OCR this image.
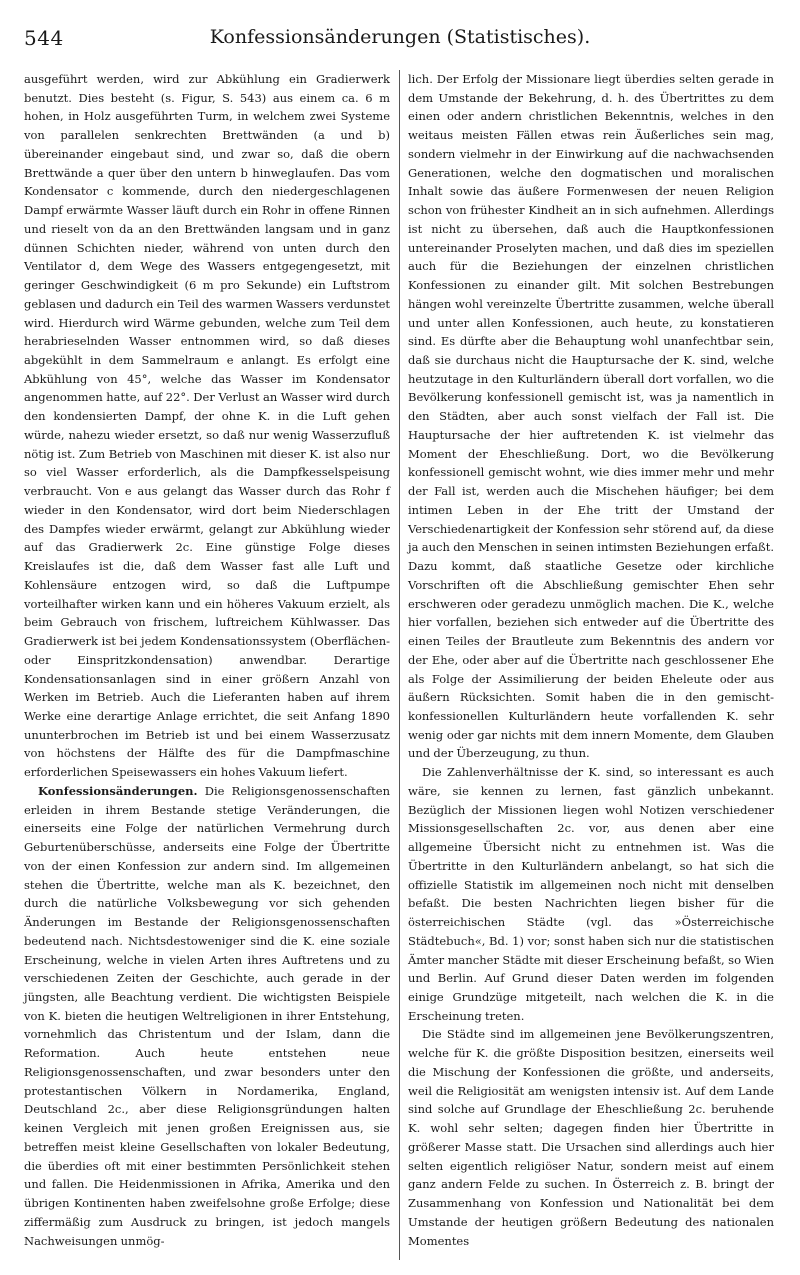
544	Konfessionsänderungen (Statistisches).

ausgeführt werden, wird zur Abkühlung ein Gradierwerk benutzt. Dies besteht (s. Figur, S. 543) aus einem ca. 6 m hohen, in Holz ausgeführten Turm, in welchem zwei Systeme von parallelen senkrechten Brettwänden (a und b) übereinander eingebaut sind, und zwar so, daß die obern Brettwände a quer über den untern b hinweglaufen. Das vom Kondensator c kommende, durch den niedergeschlagenen Dampf erwärmte Wasser läuft durch ein Rohr in offene Rinnen und rieselt von da an den Brettwänden langsam und in ganz dünnen Schichten nieder, während von unten durch den Ventilator d, dem Wege des Wassers entgegengesetzt, mit geringer Geschwindigkeit (6 m pro Sekunde) ein Luftstrom geblasen und dadurch ein Teil des warmen Wassers verdunstet wird. Hierdurch wird Wärme gebunden, welche zum Teil dem herabrieselnden Wasser entnommen wird, so daß dieses abgekühlt in dem Sammelraum e anlangt. Es erfolgt eine Abkühlung von 45°, welche das Wasser im Kondensator angenommen hatte, auf 22°. Der Verlust an Wasser wird durch den kondensierten Dampf, der ohne K. in die Luft gehen würde, nahezu wieder ersetzt, so daß nur wenig Wasserzufluß nötig ist. Zum Betrieb von Maschinen mit dieser K. ist also nur so viel Wasser erforderlich, als die Dampfkesselspeisung verbraucht. Von e aus gelangt das Wasser durch das Rohr f wieder in den Kondensator, wird dort beim Niederschlagen des Dampfes wieder erwärmt, gelangt zur Abkühlung wieder auf das Gradierwerk 2c. Eine günstige Folge dieses Kreislaufes ist die, daß dem Wasser fast alle Luft und Kohlensäure entzogen wird, so daß die Luftpumpe vorteilhafter wirken kann und ein höheres Vakuum erzielt, als beim Gebrauch von frischem, luftreichem Kühlwasser. Das Gradierwerk ist bei jedem Kondensationssystem (Oberflächen- oder Einspritzkondensation) anwendbar. Derartige Kondensationsanlagen sind in einer größern Anzahl von Werken im Betrieb. Auch die Lieferanten haben auf ihrem Werke eine derartige Anlage errichtet, die seit Anfang 1890 ununterbrochen im Betrieb ist und bei einem Wasserzusatz von höchstens der Hälfte des für die Dampfmaschine erforderlichen Speisewassers ein hohes Vakuum liefert.

Konfessionsänderungen. Die Religionsgenossenschaften erleiden in ihrem Bestande stetige Veränderungen, die einerseits eine Folge der natürlichen Vermehrung durch Geburtenüberschüsse, anderseits eine Folge der Übertritte von der einen Konfession zur andern sind. Im allgemeinen stehen die Übertritte, welche man als K. bezeichnet, den durch die natürliche Volksbewegung vor sich gehenden Änderungen im Bestande der Religionsgenossenschaften bedeutend nach. Nichtsdestoweniger sind die K. eine soziale Erscheinung, welche in vielen Arten ihres Auftretens und zu verschiedenen Zeiten der Geschichte, auch gerade in der jüngsten, alle Beachtung verdient. Die wichtigsten Beispiele von K. bieten die heutigen Weltreligionen in ihrer Entstehung, vornehmlich das Christentum und der Islam, dann die Reformation. Auch heute entstehen neue Religionsgenossenschaften, und zwar besonders unter den protestantischen Völkern in Nordamerika, England, Deutschland 2c., aber diese Religionsgründungen halten keinen Vergleich mit jenen großen Ereignissen aus, sie betreffen meist kleine Gesellschaften von lokaler Bedeutung, die überdies oft mit einer bestimmten Persönlichkeit stehen und fallen. Die Heidenmissionen in Afrika, Amerika und den übrigen Kontinenten haben zweifelsohne große Erfolge; diese ziffermäßig zum Ausdruck zu bringen, ist jedoch mangels Nachweisungen unmög-

lich. Der Erfolg der Missionare liegt überdies selten gerade in dem Umstande der Bekehrung, d. h. des Übertrittes zu dem einen oder andern christlichen Bekenntnis, welches in den weitaus meisten Fällen etwas rein Äußerliches sein mag, sondern vielmehr in der Einwirkung auf die nachwachsenden Generationen, welche den dogmatischen und moralischen Inhalt sowie das äußere Formenwesen der neuen Religion schon von frühester Kindheit an in sich aufnehmen. Allerdings ist nicht zu übersehen, daß auch die Hauptkonfessionen untereinander Proselyten machen, und daß dies im speziellen auch für die Beziehungen der einzelnen christlichen Konfessionen zu einander gilt. Mit solchen Bestrebungen hängen wohl vereinzelte Übertritte zusammen, welche überall und unter allen Konfessionen, auch heute, zu konstatieren sind. Es dürfte aber die Behauptung wohl unanfechtbar sein, daß sie durchaus nicht die Hauptursache der K. sind, welche heutzutage in den Kulturländern überall dort vorfallen, wo die Bevölkerung konfessionell gemischt ist, was ja namentlich in den Städten, aber auch sonst vielfach der Fall ist. Die Hauptursache der hier auftretenden K. ist vielmehr das Moment der Eheschließung. Dort, wo die Bevölkerung konfessionell gemischt wohnt, wie dies immer mehr und mehr der Fall ist, werden auch die Mischehen häufiger; bei dem intimen Leben in der Ehe tritt der Umstand der Verschiedenartigkeit der Konfession sehr störend auf, da diese ja auch den Menschen in seinen intimsten Beziehungen erfaßt. Dazu kommt, daß staatliche Gesetze oder kirchliche Vorschriften oft die Abschließung gemischter Ehen sehr erschweren oder geradezu unmöglich machen. Die K., welche hier vorfallen, beziehen sich entweder auf die Übertritte des einen Teiles der Brautleute zum Bekenntnis des andern vor der Ehe, oder aber auf die Übertritte nach geschlossener Ehe als Folge der Assimilierung der beiden Eheleute oder aus äußern Rücksichten. Somit haben die in den gemischt-konfessionellen Kulturländern heute vorfallenden K. sehr wenig oder gar nichts mit dem innern Momente, dem Glauben und der Überzeugung, zu thun.

Die Zahlenverhältnisse der K. sind, so interessant es auch wäre, sie kennen zu lernen, fast gänzlich unbekannt. Bezüglich der Missionen liegen wohl Notizen verschiedener Missionsgesellschaften 2c. vor, aus denen aber eine allgemeine Übersicht nicht zu entnehmen ist. Was die Übertritte in den Kulturländern anbelangt, so hat sich die offizielle Statistik im allgemeinen noch nicht mit denselben befaßt. Die besten Nachrichten liegen bisher für die österreichischen Städte (vgl. das »Österreichische Städtebuch«, Bd. 1) vor; sonst haben sich nur die statistischen Ämter mancher Städte mit dieser Erscheinung befaßt, so Wien und Berlin. Auf Grund dieser Daten werden im folgenden einige Grundzüge mitgeteilt, nach welchen die K. in die Erscheinung treten.

Die Städte sind im allgemeinen jene Bevölkerungszentren, welche für K. die größte Disposition besitzen, einerseits weil die Mischung der Konfessionen die größte, und anderseits, weil die Religiosität am wenigsten intensiv ist. Auf dem Lande sind solche auf Grundlage der Eheschließung 2c. beruhende K. wohl sehr selten; dagegen finden hier Übertritte in größerer Masse statt. Die Ursachen sind allerdings auch hier selten eigentlich religiöser Natur, sondern meist auf einem ganz andern Felde zu suchen. In Österreich z. B. bringt der Zusammenhang von Konfession und Nationalität bei dem Umstande der heutigen größern Bedeutung des nationalen Momentes
